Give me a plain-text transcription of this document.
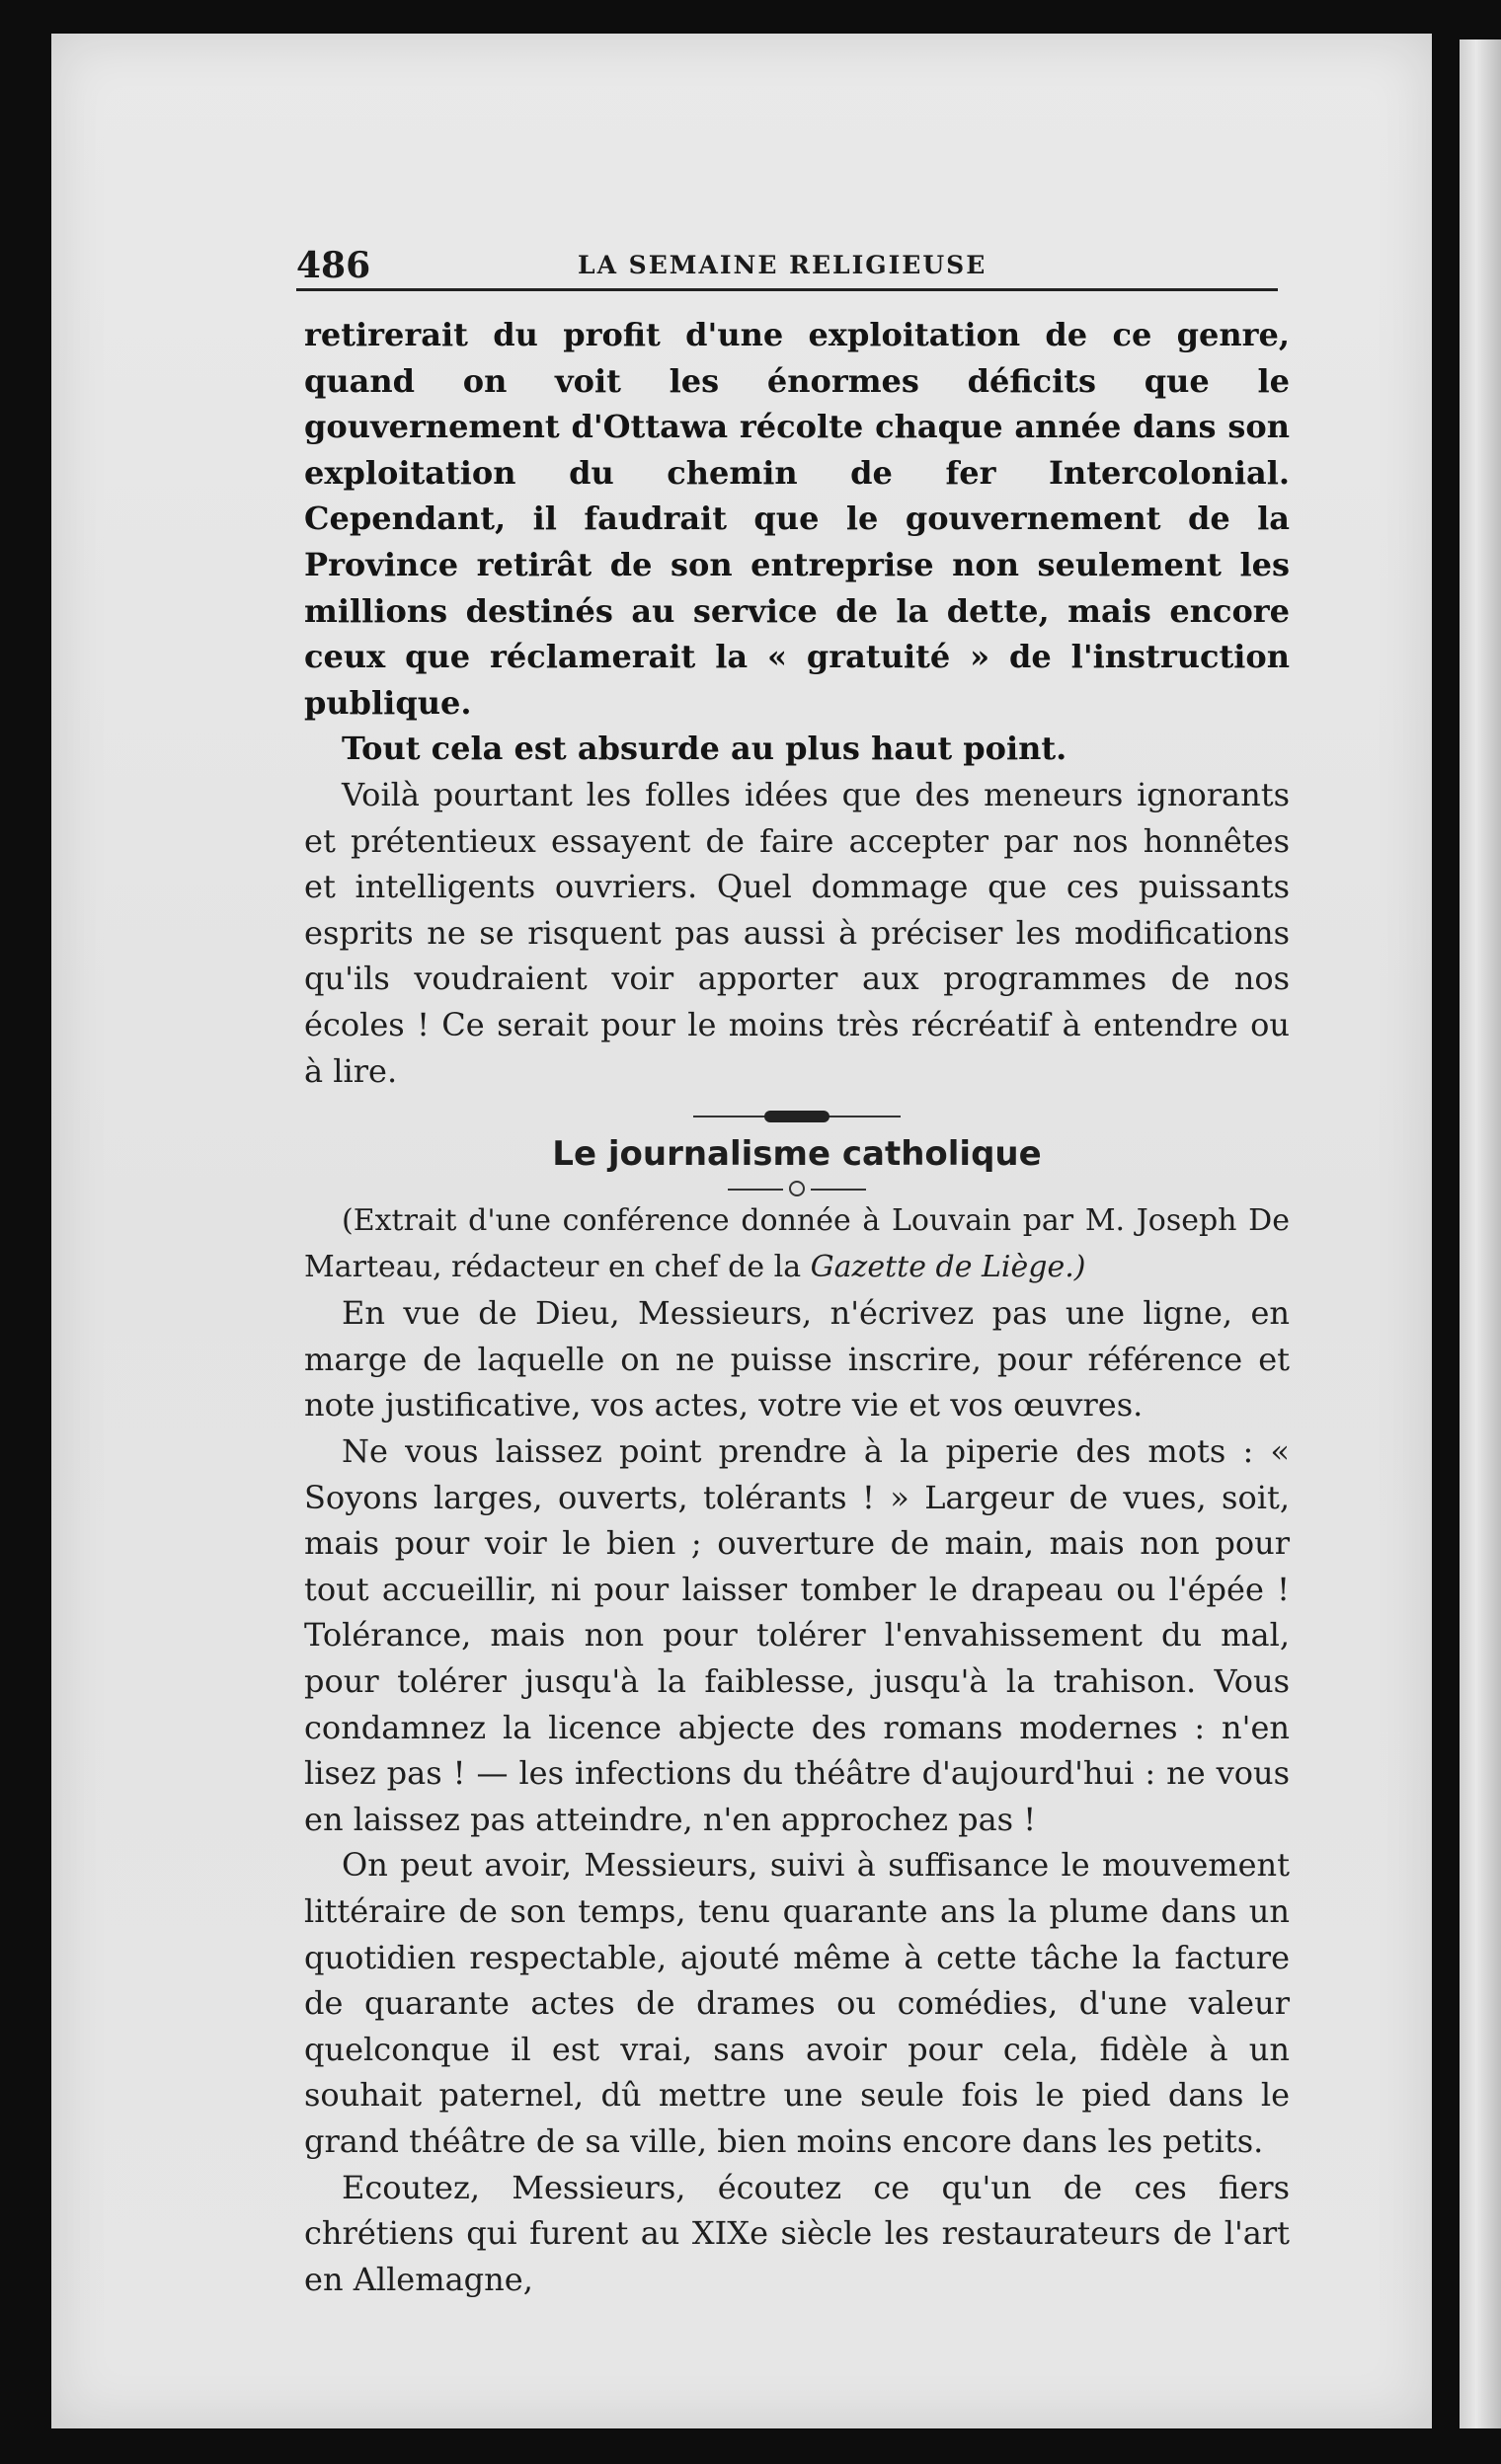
486	LA SEMAINE RELIGIEUSE

retirerait du profit d'une exploitation de ce genre, quand on voit les énormes déficits que le gouvernement d'Ottawa récolte chaque année dans son exploitation du chemin de fer Intercolonial. Cependant, il faudrait que le gouvernement de la Province retirât de son entreprise non seulement les millions destinés au service de la dette, mais encore ceux que réclamerait la « gratuité » de l'instruction publique.

Tout cela est absurde au plus haut point.

Voilà pourtant les folles idées que des meneurs ignorants et prétentieux essayent de faire accepter par nos honnêtes et intelligents ouvriers. Quel dommage que ces puissants esprits ne se risquent pas aussi à préciser les modifications qu'ils voudraient voir apporter aux programmes de nos écoles ! Ce serait pour le moins très récréatif à entendre ou à lire.

Le journalisme catholique

(Extrait d'une conférence donnée à Louvain par M. Joseph De Marteau, rédacteur en chef de la Gazette de Liège.)

En vue de Dieu, Messieurs, n'écrivez pas une ligne, en marge de laquelle on ne puisse inscrire, pour référence et note justificative, vos actes, votre vie et vos œuvres.

Ne vous laissez point prendre à la piperie des mots : « Soyons larges, ouverts, tolérants ! » Largeur de vues, soit, mais pour voir le bien ; ouverture de main, mais non pour tout accueillir, ni pour laisser tomber le drapeau ou l'épée ! Tolérance, mais non pour tolérer l'envahissement du mal, pour tolérer jusqu'à la faiblesse, jusqu'à la trahison. Vous condamnez la licence abjecte des romans modernes : n'en lisez pas ! — les infections du théâtre d'aujourd'hui : ne vous en laissez pas atteindre, n'en approchez pas !

On peut avoir, Messieurs, suivi à suffisance le mouvement littéraire de son temps, tenu quarante ans la plume dans un quotidien respectable, ajouté même à cette tâche la facture de quarante actes de drames ou comédies, d'une valeur quelconque il est vrai, sans avoir pour cela, fidèle à un souhait paternel, dû mettre une seule fois le pied dans le grand théâtre de sa ville, bien moins encore dans les petits.

Ecoutez, Messieurs, écoutez ce qu'un de ces fiers chrétiens qui furent au XIXe siècle les restaurateurs de l'art en Allemagne,
